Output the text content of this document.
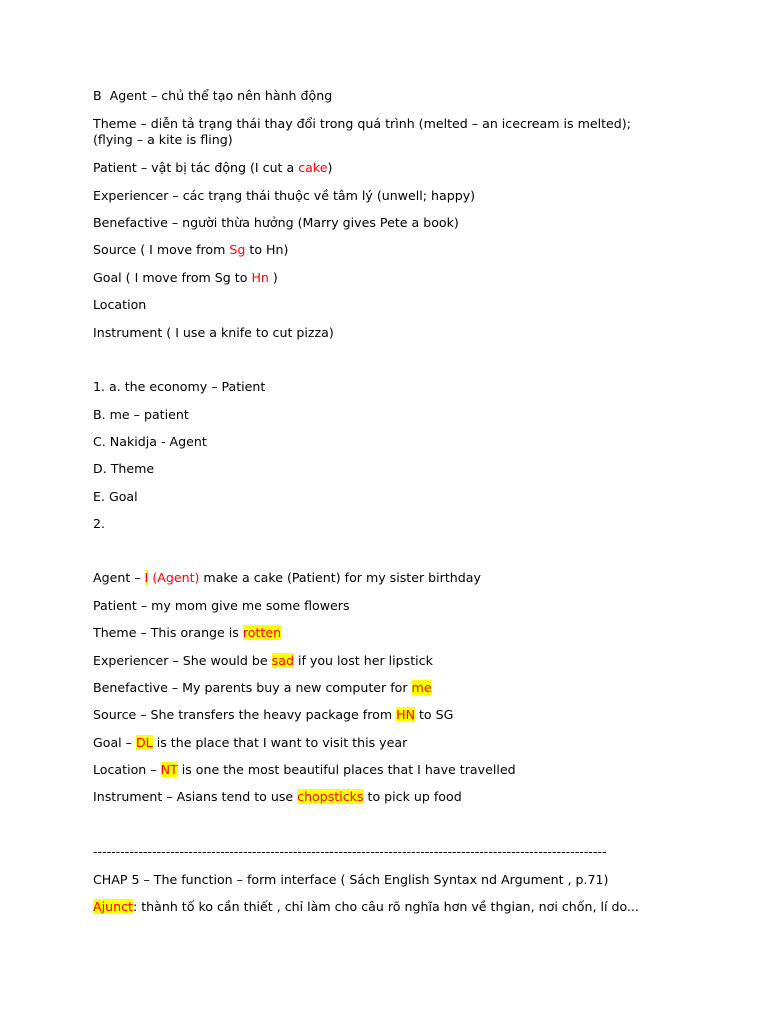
B  Agent – chủ thể tạo nên hành động
Theme – diễn tả trạng thái thay đổi trong quá trình (melted – an icecream is melted); (flying – a kite is fling)
Patient – vật bị tác động (I cut a cake)
Experiencer – các trạng thái thuộc về tâm lý (unwell; happy)
Benefactive – người thừa hưởng (Marry gives Pete a book)
Source ( I move from Sg to Hn)
Goal ( I move from Sg to Hn )
Location
Instrument ( I use a knife to cut pizza)
1. a. the economy – Patient
B. me – patient
C. Nakidja - Agent
D. Theme
E. Goal
2.
Agent – I (Agent) make a cake (Patient) for my sister birthday
Patient – my mom give me some flowers
Theme – This orange is rotten
Experiencer – She would be sad if you lost her lipstick
Benefactive – My parents buy a new computer for me
Source – She transfers the heavy package from HN to SG
Goal – DL is the place that I want to visit this year
Location – NT is one the most beautiful places that I have travelled
Instrument – Asians tend to use chopsticks to pick up food
-----------------------------------------------------------------------------------------------------------------
CHAP 5 – The function – form interface ( Sách English Syntax nd Argument , p.71)
Ajunct: thành tố ko cần thiết , chỉ làm cho câu rõ nghĩa hơn về thgian, nơi chốn, lí do...
